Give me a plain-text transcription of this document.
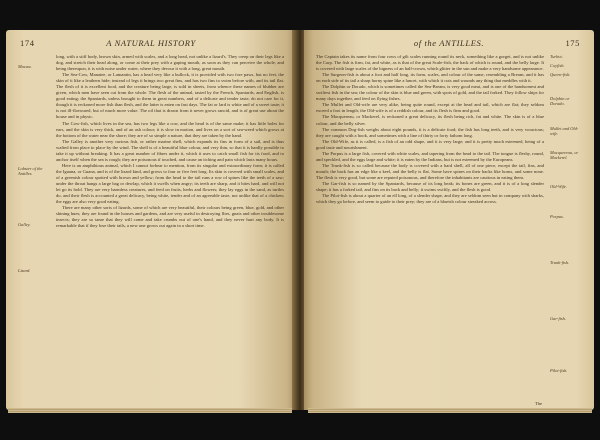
174	A NATURAL HISTORY
Macaw.
Lobster of the Antilles.
Galley.
Lizard.

long, with a stiff body, brown skin, armed with scales, and a long head, not unlike a lizard's. They creep on their legs like a dog, and stretch their head along, or come at their prey with a gaping mouth, as soon as they can perceive the whole, and being thereupon, it is with noise under water, where they devour it with a long, great mouth.

The Sea-Cow, Manatee, or Lamantin, has a head very like a bullock, it is provided with two fore paws, but no feet, the skin of it like a leathern hide; instead of legs it brings two great fins, and has two fins to swim before with, and its tail flat. The flesh of it is excellent food, and the creature being large, is sold in sheets, from whence these names of blubber are given, which men have seen cut from the whole. The flesh of the animal, tasted by the French, Spaniards, and English, is good eating; the Spaniards, unless brought to them in great numbers, and of a delicate and tender taste, do not care for it, though it is reckoned more fish than flesh, and the latter is eaten on fast days. The fat or lard is white and of a sweet taste; it is not ill-flavoured, but of much more value. The oil that is drawn from it never grows rancid, and is of great use about the house and in physic.

The Cow-fish, which lives in the sea, has two legs like a cow, and the head is of the same make; it has little holes for ears, and the skin is very thick, and of an ash colour; it is slow in motion, and lives on a sort of sea-weed which grows at the bottom of the water near the shore; they are of so simple a nature, that they are taken by the hand.

The Galley is another very curious fish, or rather marine shell, which expands its fins in form of a sail, and is thus wafted from place to place by the wind. The shell is of a beautiful blue colour, and very thin, so that it is hardly possible to take it up without breaking. It has a great number of fibres under it, which it uses to catch small fish for its food, and to anchor itself when the sea is rough; they are poisonous if touched, and cause an itching and pain which lasts many hours.

Here is an amphibious animal, which I cannot forbear to mention, from its singular and extraordinary form; it is called the Iguana, or Guana, and is of the lizard kind, and grows to four or five feet long. Its skin is covered with small scales, and of a greenish colour spotted with brown and yellow; from the head to the tail runs a row of spines like the teeth of a saw; under the throat hangs a large bag or dewlap, which it swells when angry; its teeth are sharp, and it bites hard, and will not let go its hold. They are very harmless creatures, and feed on fruits, herbs and flowers; they lay eggs in the sand, as turtles do, and their flesh is accounted a great delicacy, being white, tender and of an agreeable taste, not unlike that of a chicken; the eggs are also very good eating.

There are many other sorts of lizards, some of which are very beautiful, their colours being green, blue, gold, and other shining hues; they are found in the houses and gardens, and are very useful in destroying flies, gnats and other troublesome insects; they are so tame that they will come and take crumbs out of one's hand, and they never hurt any body. It is remarkable that if they lose their tails, a new one grows out again in a short time.

of the ANTILLES.	175
Turbot.
Coyfish.
Queen-fish.
Dolphin or Dorado.
Mullet and Old-wife.
Macquereau, or Mackerel.
Old-Wife.
Porpus.
Trunk-fish.
Gar-fish.
Pilot-fish.

The Captain takes its name from four rows of gilt scales running round its neck, something like a gorget, and is not unlike the Carp. The fish is firm, fat, and white, as is that of the great Scale-fish, the back of which is round, and the belly large. It is covered with large scales of the bigness of an half-crown, which glitter in the sun and make a very handsome appearance.

The Surgeon-fish is about a foot and half long, its form, scales, and colour of the same, resembling a Bream; and it has on each side of its tail a sharp horny spine like a lancet, with which it cuts and wounds any thing that meddles with it.

The Dolphin or Dorado, which is sometimes called the Sea-Bream, is very good meat, and is one of the handsomest and swiftest fish in the sea; the colour of the skin is blue and green, with spots of gold, and the tail forked. They follow ships for many days together, and feed on flying fishes.

The Mullet and Old-wife are very alike, being quite round, except at the head and tail, which are flat; they seldom exceed a foot in length; the Old-wife is of a reddish colour, and its flesh is firm and good.

The Macquereau, or Mackerel, is reckoned a great delicacy, its flesh being rich, fat and white. The skin is of a blue colour, and the belly silver.

The common Dog-fish weighs about eight pounds, it is a delicate food; the fish has long teeth, and is very voracious; they are caught with a hook, and sometimes with a line of thirty or forty fathom long.

The Old-Wife, as it is called, is a fish of an odd shape, and it is very large; and it is pretty much esteemed, being of a good taste and nourishment.

The Porpus is a large fish, covered with white scales, and tapering from the head to the tail. The tongue is fleshy, round, and speckled, and the eggs large and white; it is eaten by the Indians, but is not esteemed by the Europeans.

The Trunk-fish is so called because the body is covered with a hard shell, all of one piece, except the tail, fins, and mouth; the back has an edge like a keel, and the belly is flat. Some have spines on their backs like horns, and some none. The flesh is very good, but some are reputed poisonous, and therefore the inhabitants are cautious in eating them.

The Gar-fish is so named by the Spaniards, because of its long beak; its bones are green, and it is of a long slender shape; it has a forked tail, and fins on its back and belly; it swims swiftly, and the flesh is good.

The Pilot-fish is about a quarter of an ell long, of a slender shape, and they are seldom seen but in company with sharks, which they go before, and seem to guide to their prey; they are of a blueish colour streaked across.

The
